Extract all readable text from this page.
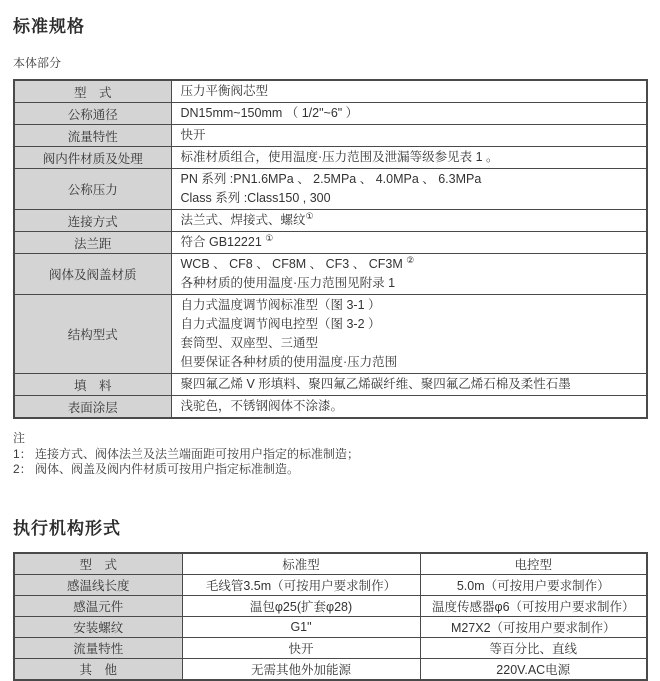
标准规格
本体部分
型　式	压力平衡阀芯型

公称通径	DN15mm~150mm （ 1/2"~6" ）

流量特性	快开

阀内件材质及处理	标准材质组合，使用温度·压力范围及泄漏等级参见表 1 。

公称压力	PN 系列 :PN1.6MPa 、 2.5MPa 、 4.0MPa 、 6.3MPa
Class 系列 :Class150 , 300

连接方式	法兰式、焊接式、螺纹①

法兰距	符合 GB12221 ①

阀体及阀盖材质	WCB 、 CF8 、 CF8M 、 CF3 、 CF3M ②
各种材质的使用温度·压力范围见附录 1

结构型式	自力式温度调节阀标准型（图 3-1 ）
自力式温度调节阀电控型（图 3-2 ）
套筒型、双座型、三通型
但要保证各种材质的使用温度·压力范围

填　料	聚四氟乙烯 V 形填料、聚四氟乙烯碳纤维、聚四氟乙烯石棉及柔性石墨

表面涂层	浅驼色，不锈钢阀体不涂漆。
注
1： 连接方式、阀体法兰及法兰端面距可按用户指定的标准制造；
2： 阀体、阀盖及阀内件材质可按用户指定标准制造。
执行机构形式
型　式	标准型	电控型
感温线长度	毛线管3.5m（可按用户要求制作）	5.0m（可按用户要求制作）
感温元件	温包φ25(扩套φ28)	温度传感器φ6（可按用户要求制作）
安装螺纹	G1"	M27X2（可按用户要求制作）
流量特性	快开	等百分比、直线
其　他	无需其他外加能源	220V.AC电源
